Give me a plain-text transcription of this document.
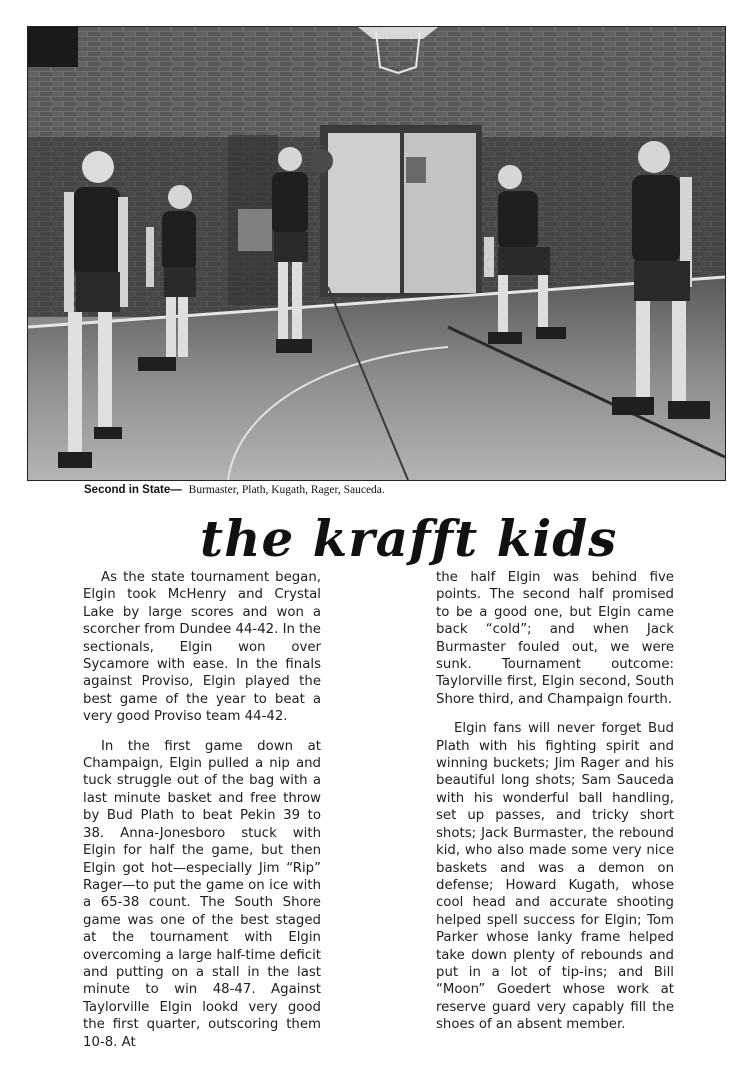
Second in State— Burmaster, Plath, Kugath, Rager, Sauceda.
the krafft kids

As the state tournament began, Elgin took McHenry and Crystal Lake by large scores and won a scorcher from Dundee 44-42. In the sectionals, Elgin won over Sycamore with ease. In the finals against Proviso, Elgin played the best game of the year to beat a very good Proviso team 44-42.

In the first game down at Champaign, Elgin pulled a nip and tuck struggle out of the bag with a last minute basket and free throw by Bud Plath to beat Pekin 39 to 38. Anna-Jonesboro stuck with Elgin for half the game, but then Elgin got hot—especially Jim “Rip” Rager—to put the game on ice with a 65-38 count. The South Shore game was one of the best staged at the tournament with Elgin overcoming a large half-time deficit and putting on a stall in the last minute to win 48-47. Against Taylorville Elgin lookd very good the first quarter, outscoring them 10-8. At

the half Elgin was behind five points. The second half promised to be a good one, but Elgin came back “cold”; and when Jack Burmaster fouled out, we were sunk. Tournament outcome: Taylorville first, Elgin second, South Shore third, and Champaign fourth.

Elgin fans will never forget Bud Plath with his fighting spirit and winning buckets; Jim Rager and his beautiful long shots; Sam Sauceda with his wonderful ball handling, set up passes, and tricky short shots; Jack Burmaster, the rebound kid, who also made some very nice baskets and was a demon on defense; Howard Kugath, whose cool head and accurate shooting helped spell success for Elgin; Tom Parker whose lanky frame helped take down plenty of rebounds and put in a lot of tip-ins; and Bill “Moon” Goedert whose work at reserve guard very capably fill the shoes of an absent member.
